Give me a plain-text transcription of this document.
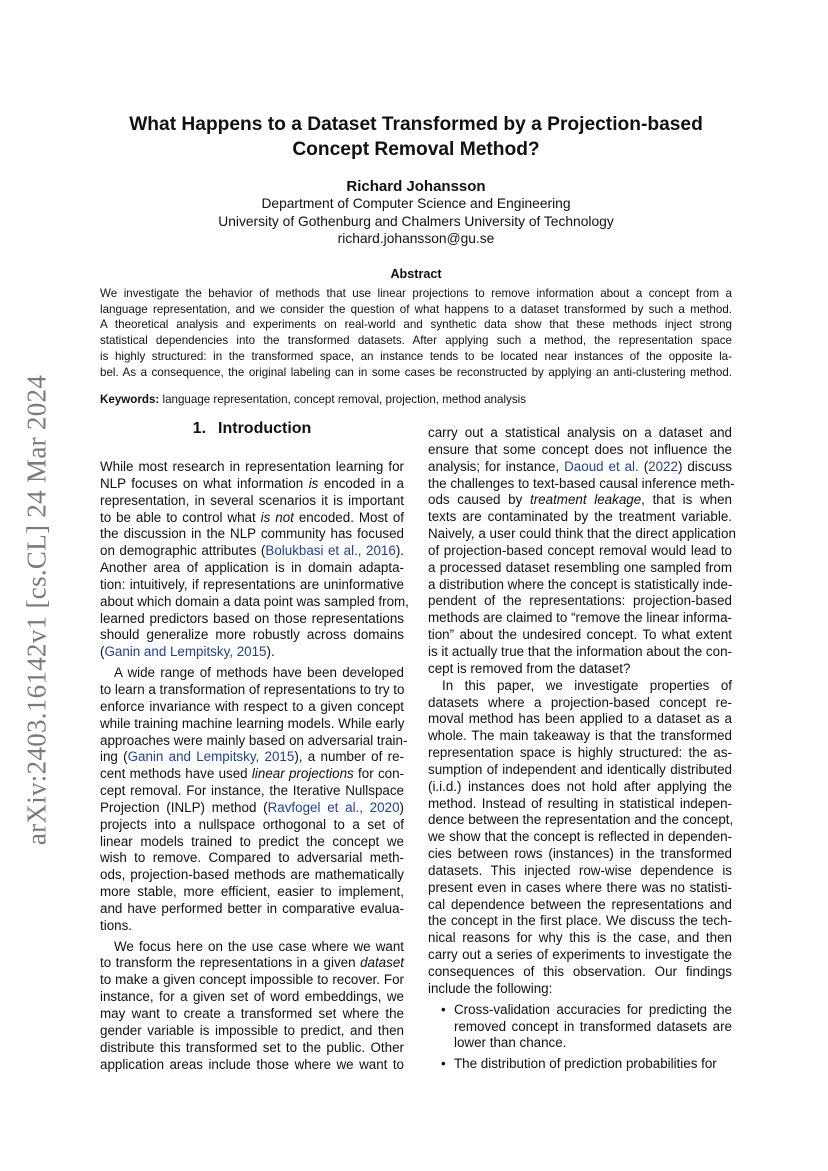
arXiv:2403.16142v1 [cs.CL] 24 Mar 2024
What Happens to a Dataset Transformed by a Projection-based
Concept Removal Method?
Richard Johansson
Department of Computer Science and Engineering
University of Gothenburg and Chalmers University of Technology
richard.johansson@gu.se
Abstract
We investigate the behavior of methods that use linear projections to remove information about a concept from a
language representation, and we consider the question of what happens to a dataset transformed by such a method.
A theoretical analysis and experiments on real-world and synthetic data show that these methods inject strong
statistical dependencies into the transformed datasets. After applying such a method, the representation space
is highly structured: in the transformed space, an instance tends to be located near instances of the opposite la-
bel. As a consequence, the original labeling can in some cases be reconstructed by applying an anti-clustering method.
Keywords: language representation, concept removal, projection, method analysis
1. Introduction
While most research in representation learning for
NLP focuses on what information is encoded in a
representation, in several scenarios it is important
to be able to control what is not encoded. Most of
the discussion in the NLP community has focused
on demographic attributes (Bolukbasi et al., 2016).
Another area of application is in domain adapta-
tion: intuitively, if representations are uninformative
about which domain a data point was sampled from,
learned predictors based on those representations
should generalize more robustly across domains
(Ganin and Lempitsky, 2015).
A wide range of methods have been developed
to learn a transformation of representations to try to
enforce invariance with respect to a given concept
while training machine learning models. While early
approaches were mainly based on adversarial train-
ing (Ganin and Lempitsky, 2015), a number of re-
cent methods have used linear projections for con-
cept removal. For instance, the Iterative Nullspace
Projection (INLP) method (Ravfogel et al., 2020)
projects into a nullspace orthogonal to a set of
linear models trained to predict the concept we
wish to remove. Compared to adversarial meth-
ods, projection-based methods are mathematically
more stable, more efficient, easier to implement,
and have performed better in comparative evalua-
tions.
We focus here on the use case where we want
to transform the representations in a given dataset
to make a given concept impossible to recover. For
instance, for a given set of word embeddings, we
may want to create a transformed set where the
gender variable is impossible to predict, and then
distribute this transformed set to the public. Other
application areas include those where we want to
carry out a statistical analysis on a dataset and
ensure that some concept does not influence the
analysis; for instance, Daoud et al. (2022) discuss
the challenges to text-based causal inference meth-
ods caused by treatment leakage, that is when
texts are contaminated by the treatment variable.
Naively, a user could think that the direct application
of projection-based concept removal would lead to
a processed dataset resembling one sampled from
a distribution where the concept is statistically inde-
pendent of the representations: projection-based
methods are claimed to “remove the linear informa-
tion” about the undesired concept. To what extent
is it actually true that the information about the con-
cept is removed from the dataset?
In this paper, we investigate properties of
datasets where a projection-based concept re-
moval method has been applied to a dataset as a
whole. The main takeaway is that the transformed
representation space is highly structured: the as-
sumption of independent and identically distributed
(i.i.d.) instances does not hold after applying the
method. Instead of resulting in statistical indepen-
dence between the representation and the concept,
we show that the concept is reflected in dependen-
cies between rows (instances) in the transformed
datasets. This injected row-wise dependence is
present even in cases where there was no statisti-
cal dependence between the representations and
the concept in the first place. We discuss the tech-
nical reasons for why this is the case, and then
carry out a series of experiments to investigate the
consequences of this observation. Our findings
include the following:
• Cross-validation accuracies for predicting the
removed concept in transformed datasets are
lower than chance.
• The distribution of prediction probabilities for
